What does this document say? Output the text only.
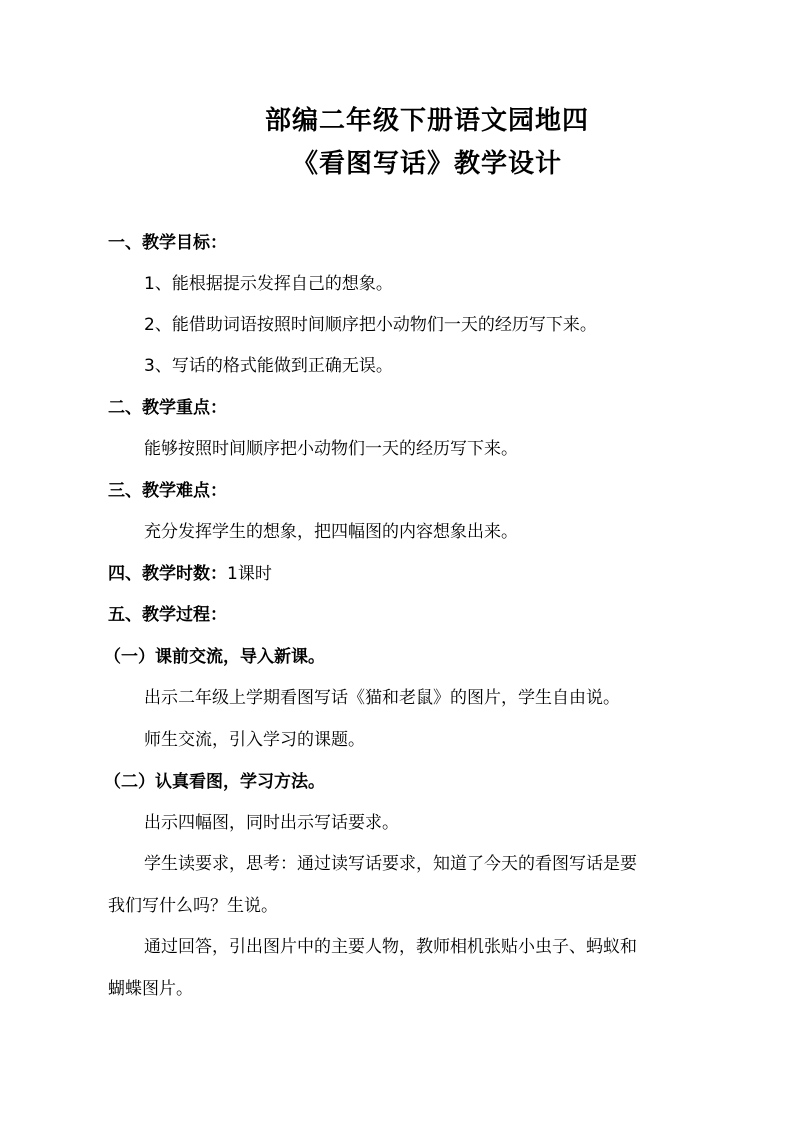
部编二年级下册语文园地四
《看图写话》教学设计
一、教学目标：
1、能根据提示发挥自己的想象。
2、能借助词语按照时间顺序把小动物们一天的经历写下来。
3、写话的格式能做到正确无误。
二、教学重点：
能够按照时间顺序把小动物们一天的经历写下来。
三、教学难点：
充分发挥学生的想象，把四幅图的内容想象出来。
四、教学时数：1课时
五、教学过程：
（一）课前交流，导入新课。
出示二年级上学期看图写话《猫和老鼠》的图片，学生自由说。
师生交流，引入学习的课题。
（二）认真看图，学习方法。
出示四幅图，同时出示写话要求。
学生读要求，思考：通过读写话要求，知道了今天的看图写话是要
我们写什么吗？生说。
通过回答，引出图片中的主要人物，教师相机张贴小虫子、蚂蚁和
蝴蝶图片。
